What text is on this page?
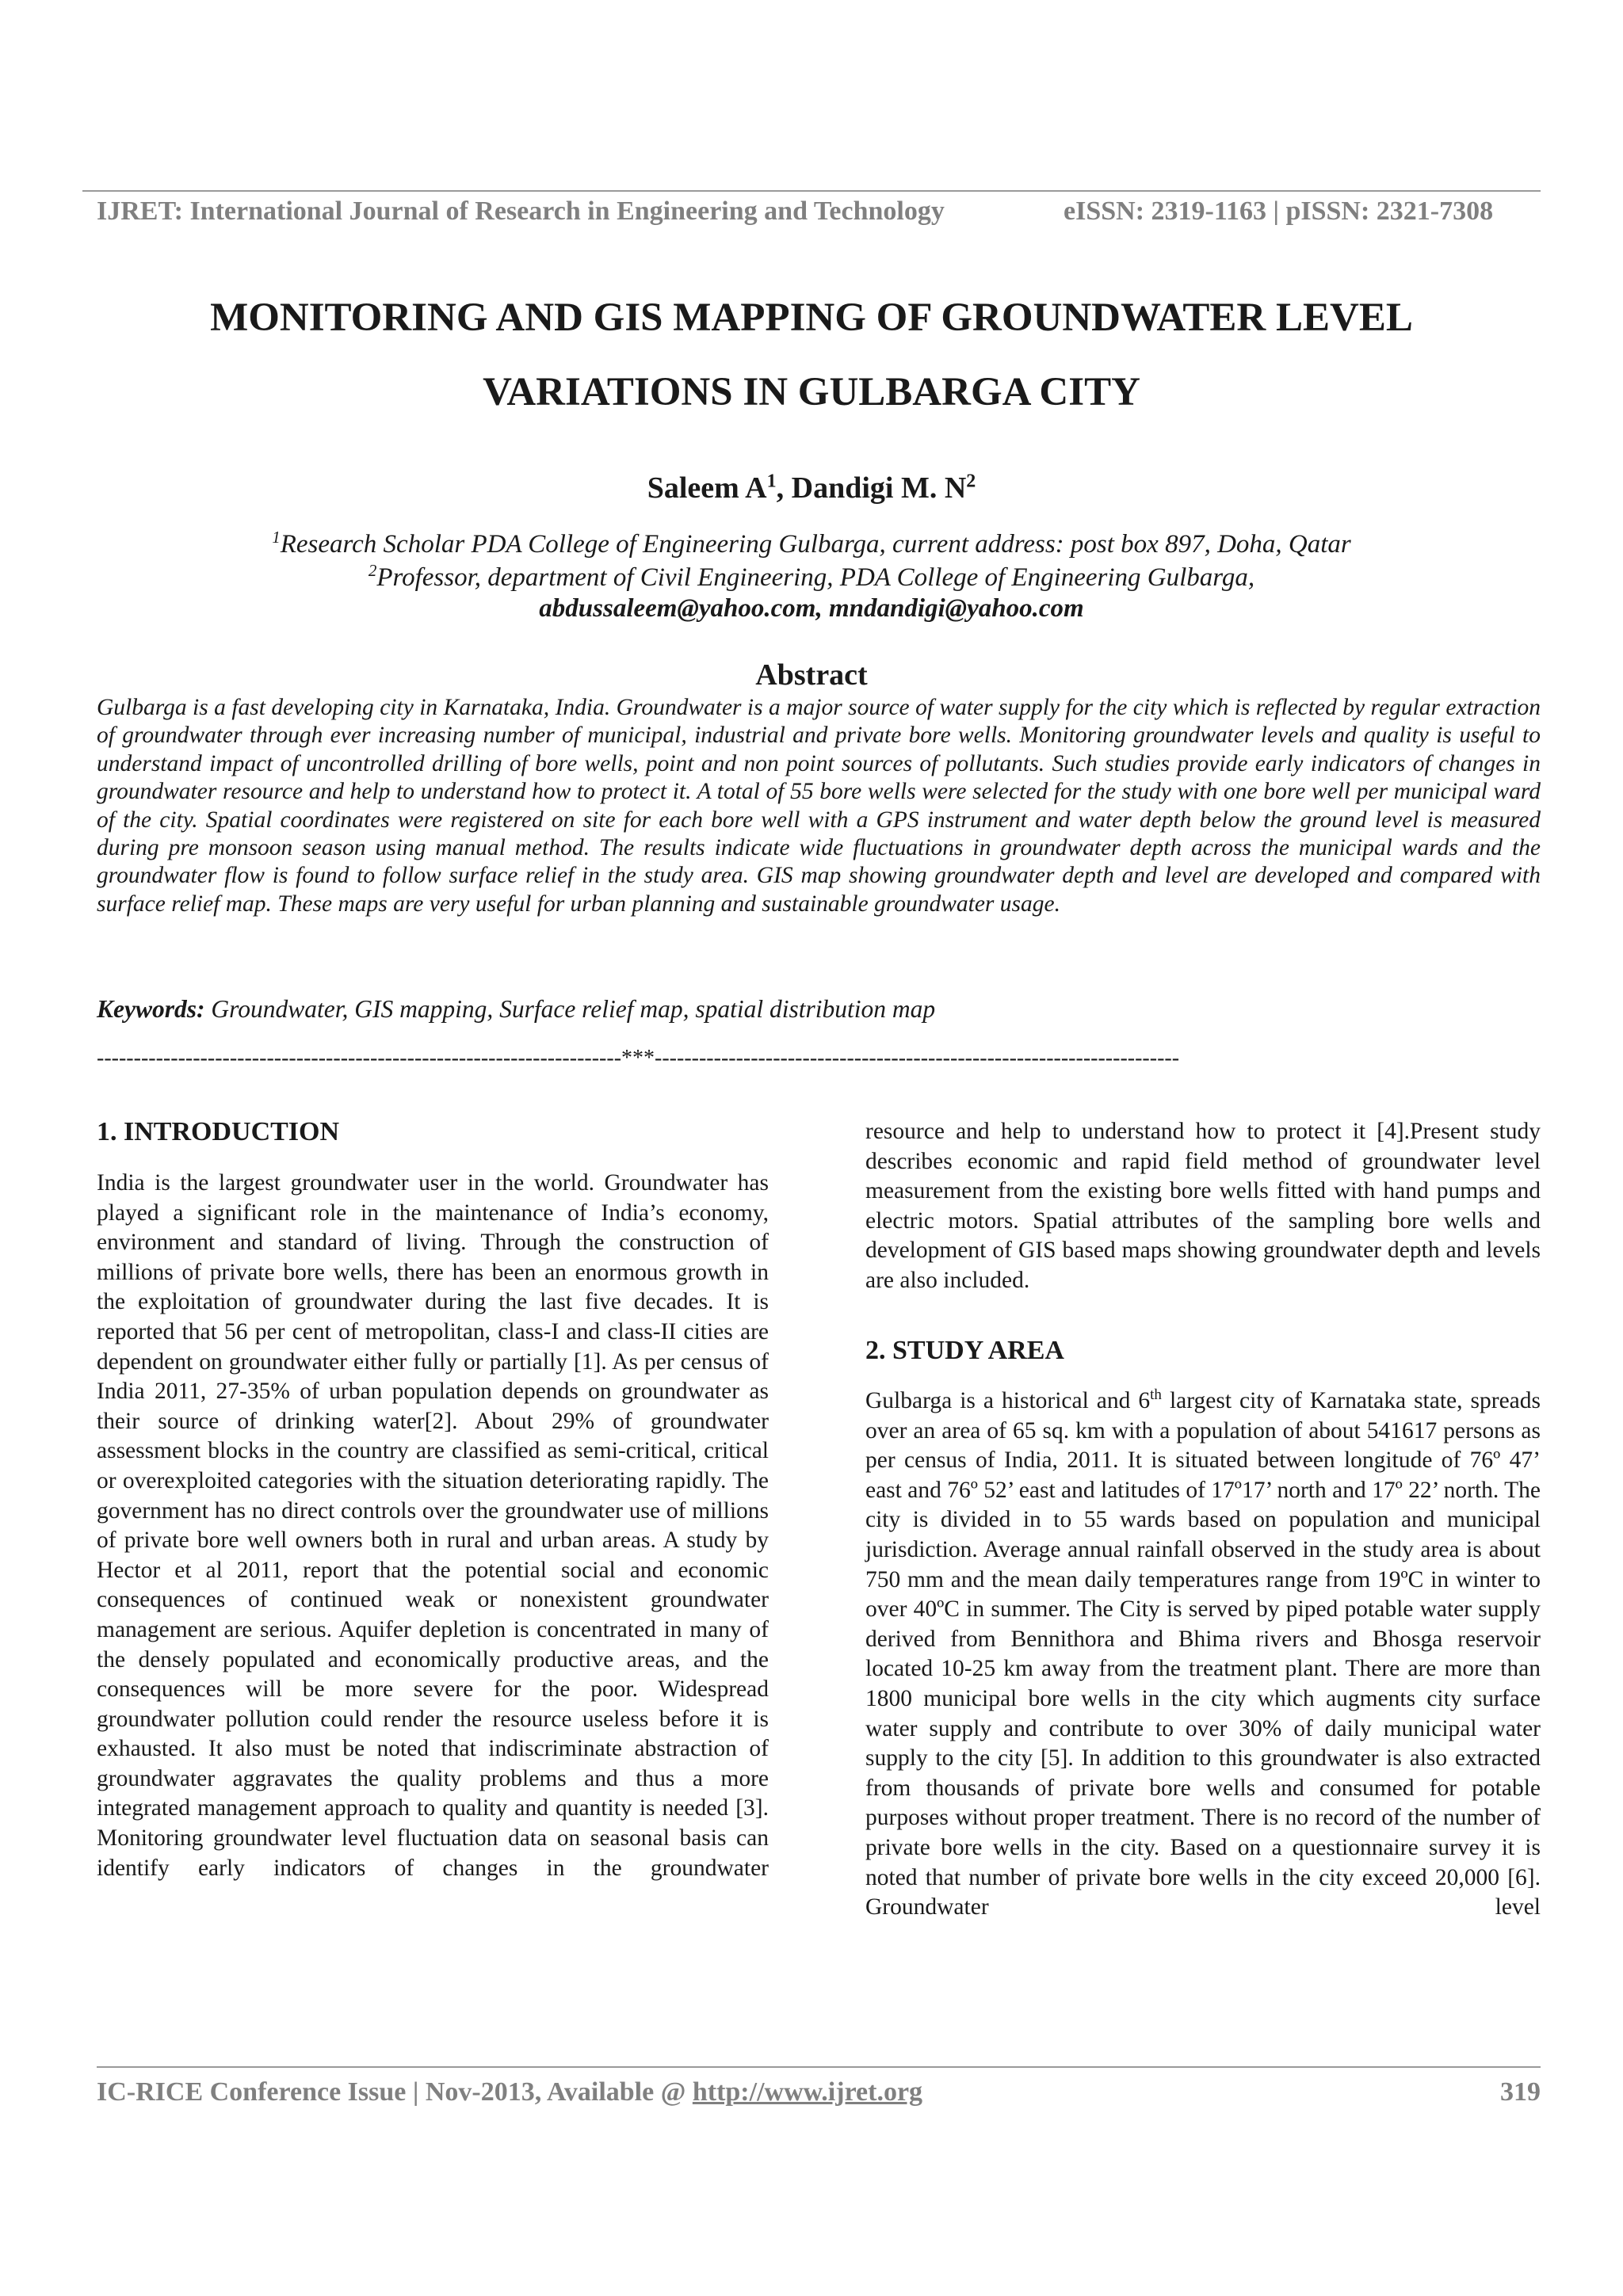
IJRET: International Journal of Research in Engineering and Technology	eISSN: 2319-1163 | pISSN: 2321-7308
MONITORING AND GIS MAPPING OF GROUNDWATER LEVEL
VARIATIONS IN GULBARGA CITY
Saleem $A^1$, Dandigi M. $N^2$
$^1$Research Scholar PDA College of Engineering Gulbarga, current address: post box 897, Doha, Qatar
$^2$Professor, department of Civil Engineering, PDA College of Engineering Gulbarga,
abdussaleem@yahoo.com, mndandigi@yahoo.com
Abstract
Gulbarga is a fast developing city in Karnataka, India. Groundwater is a major source of water supply for the city which is reflected by regular extraction of groundwater through ever increasing number of municipal, industrial and private bore wells. Monitoring groundwater levels and quality is useful to understand impact of uncontrolled drilling of bore wells, point and non point sources of pollutants. Such studies provide early indicators of changes in groundwater resource and help to understand how to protect it. A total of 55 bore wells were selected for the study with one bore well per municipal ward of the city. Spatial coordinates were registered on site for each bore well with a GPS instrument and water depth below the ground level is measured during pre monsoon season using manual method. The results indicate wide fluctuations in groundwater depth across the municipal wards and the groundwater flow is found to follow surface relief in the study area. GIS map showing groundwater depth and level are developed and compared with surface relief map. These maps are very useful for urban planning and sustainable groundwater usage.
Keywords: Groundwater, GIS mapping, Surface relief map, spatial distribution map
-----------------------------------------------------------------------***-----------------------------------------------------------------------
1. INTRODUCTION
India is the largest groundwater user in the world. Groundwater has played a significant role in the maintenance of India’s economy, environment and standard of living. Through the construction of millions of private bore wells, there has been an enormous growth in the exploitation of groundwater during the last five decades. It is reported that 56 per cent of metropolitan, class-I and class-II cities are dependent on groundwater either fully or partially [1]. As per census of India 2011, 27-35% of urban population depends on groundwater as their source of drinking water[2]. About 29% of groundwater assessment blocks in the country are classified as semi-critical, critical or overexploited categories with the situation deteriorating rapidly. The government has no direct controls over the groundwater use of millions of private bore well owners both in rural and urban areas. A study by Hector et al 2011, report that the potential social and economic consequences of continued weak or nonexistent groundwater management are serious. Aquifer depletion is concentrated in many of the densely populated and economically productive areas, and the consequences will be more severe for the poor. Widespread groundwater pollution could render the resource useless before it is exhausted. It also must be noted that indiscriminate abstraction of groundwater aggravates the quality problems and thus a more integrated management approach to quality and quantity is needed [3]. Monitoring groundwater level fluctuation data on seasonal basis can identify early indicators of changes in the groundwater
resource and help to understand how to protect it [4].Present study describes economic and rapid field method of groundwater level measurement from the existing bore wells fitted with hand pumps and electric motors. Spatial attributes of the sampling bore wells and development of GIS based maps showing groundwater depth and levels are also included.
2. STUDY AREA
Gulbarga is a historical and 6th largest city of Karnataka state, spreads over an area of 65 sq. km with a population of about 541617 persons as per census of India, 2011. It is situated between longitude of 76º 47’ east and 76º 52’ east and latitudes of 17º17’ north and 17º 22’ north. The city is divided in to 55 wards based on population and municipal jurisdiction. Average annual rainfall observed in the study area is about 750 mm and the mean daily temperatures range from 19ºC in winter to over 40ºC in summer. The City is served by piped potable water supply derived from Bennithora and Bhima rivers and Bhosga reservoir located 10-25 km away from the treatment plant. There are more than 1800 municipal bore wells in the city which augments city surface water supply and contribute to over 30% of daily municipal water supply to the city [5]. In addition to this groundwater is also extracted from thousands of private bore wells and consumed for potable purposes without proper treatment. There is no record of the number of private bore wells in the city. Based on a questionnaire survey it is noted that number of private bore wells in the city exceed 20,000 [6]. Groundwater level
IC-RICE Conference Issue | Nov-2013, Available @ http://www.ijret.org	319
